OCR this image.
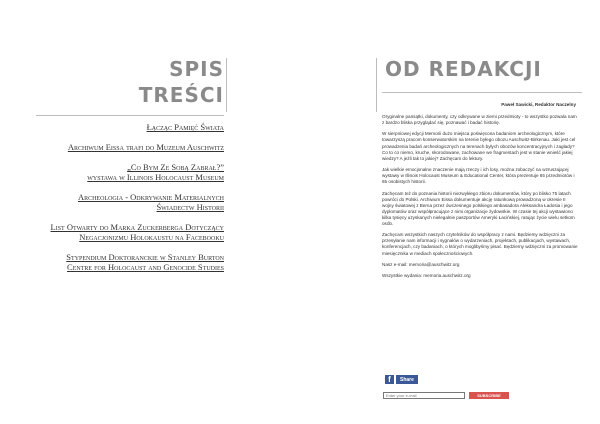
SPIS
TREŚCI
Łącząc Pamięć Świata
Archiwum Eissa trafi do Muzeum Auschwitz
„Co Bym Ze Sobą Zabrał?”
wystawa w Illinois Holocaust Museum
Archeologia - Odkrywanie Materialnych
Świadectw Historii
List Otwarty do Marka Zuckerberga Dotyczący
Negacjonizmu Holokaustu na Facebooku
Stypendium Doktoranckie w Stanley Burton
Centre for Holocaust and Genocide Studies
OD REDAKCJI
Paweł Sawicki, Redaktor Naczelny

Oryginalne pamiątki, dokumenty, czy odkrywane w ziemi przedmioty - to wszystko pozwala nam z bardzo bliska przyglądać się, poznawać i badać historię.

W sierpniowej edycji Memorii dużo miejsca poświęcona badaniom archeologicznym, które towarzyszą pracom konserwatorskim na terenie byłego obozu Auschwitz-Birkenau. Jaki jest cel prowadzenia badań archeologicznych na terenach byłych obozów koncentracyjnych i zagłady? Co to co niemo, kruche, skorodowane, zachowane we fragmentach jest w stanie wnieść jakiej wiedzy? A jeżli tak to jakiej? Zachęcam do lektury.

Jak wielkie emocjonalne znaczenie mają rzeczy i ich losy, można zobaczyć na wzruszającej wystawy w Illinois Holocaust Museum & Educational Center, która prezentuje 65 przedmiotów i 65 osobistych historii.

Zachęcam też do poznania historii niezwykłego zbioru dokumentów, który po blisko 75 latach powróci do Polski. Archiwum Eissa dokumentuje akcję ratunkową prowadzoną w okresie II wojny światowej z Berna przez ówczesnego polskiego ambasadora Aleksandra Ładosia i jego dyplomatów oraz współpracujące z nimi organizacje żydowskie. W czasie tej akcji wystawiono kilka tysięcy uzyskanych nielegalnie paszportów Ameryki Łacińskiej, ratując życie wielu setkom osób.

Zachęcam wszystkich naszych czytelników do współpracy z nami. Będziemy wdzięczni za przesyłanie nam informacji i sygnałów o wydarzeniach, projektach, publikacjach, wystawach, konferencjach, czy badaniach, o których moglibyśmy pisać. Będziemy wdzięczni za promowanie miesięcznika w mediach społecznościowych.

Nasz e-mail: memoria@auschwitz.org

Wszystkie wydania: memoria.auschwitz.org

f	Share
Enter your e-mail	SUBSCRIBE
